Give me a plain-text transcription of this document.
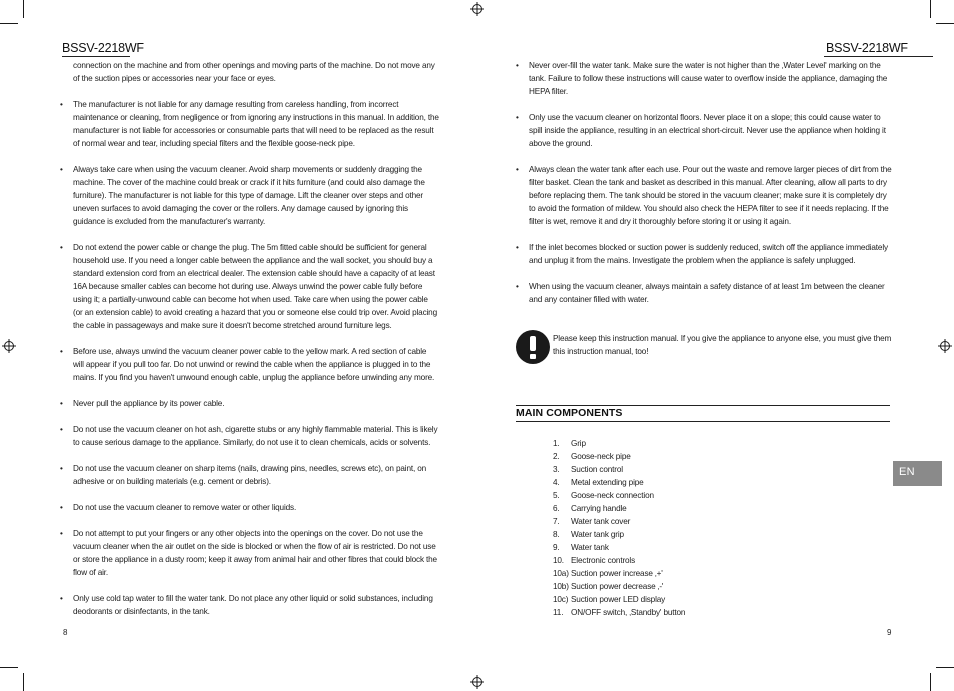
BSSV-2218WF
connection on the machine and from other openings and moving parts of the machine. Do not move any of the suction pipes or accessories near your face or eyes.
• The manufacturer is not liable for any damage resulting from careless handling, from incorrect maintenance or cleaning, from negligence or from ignoring any instructions in this manual. In addition, the manufacturer is not liable for accessories or consumable parts that will need to be replaced as the result of normal wear and tear, including special filters and the flexible goose-neck pipe.
• Always take care when using the vacuum cleaner. Avoid sharp movements or suddenly dragging the machine. The cover of the machine could break or crack if it hits furniture (and could also damage the furniture). The manufacturer is not liable for this type of damage. Lift the cleaner over steps and other uneven surfaces to avoid damaging the cover or the rollers. Any damage caused by ignoring this guidance is excluded from the manufacturer's warranty.
• Do not extend the power cable or change the plug. The 5m fitted cable should be sufficient for general household use. If you need a longer cable between the appliance and the wall socket, you should buy a standard extension cord from an electrical dealer. The extension cable should have a capacity of at least 16A because smaller cables can become hot during use. Always unwind the power cable fully before using it; a partially-unwound cable can become hot when used. Take care when using the power cable (or an extension cable) to avoid creating a hazard that you or someone else could trip over. Avoid placing the cable in passageways and make sure it doesn't become stretched around furniture legs.
• Before use, always unwind the vacuum cleaner power cable to the yellow mark. A red section of cable will appear if you pull too far. Do not unwind or rewind the cable when the appliance is plugged in to the mains. If you find you haven't unwound enough cable, unplug the appliance before unwinding any more.
• Never pull the appliance by its power cable.
• Do not use the vacuum cleaner on hot ash, cigarette stubs or any highly flammable material. This is likely to cause serious damage to the appliance. Similarly, do not use it to clean chemicals, acids or solvents.
• Do not use the vacuum cleaner on sharp items (nails, drawing pins, needles, screws etc), on paint, on adhesive or on building materials (e.g. cement or debris).
• Do not use the vacuum cleaner to remove water or other liquids.
• Do not attempt to put your fingers or any other objects into the openings on the cover. Do not use the vacuum cleaner when the air outlet on the side is blocked or when the flow of air is restricted. Do not use or store the appliance in a dusty room; keep it away from animal hair and other fibres that could block the flow of air.
• Only use cold tap water to fill the water tank. Do not place any other liquid or solid substances, including deodorants or disinfectants, in the tank.
8
BSSV-2218WF
• Never over-fill the water tank. Make sure the water is not higher than the ‚Water Level' marking on the tank. Failure to follow these instructions will cause water to overflow inside the appliance, damaging the HEPA filter.
• Only use the vacuum cleaner on horizontal floors. Never place it on a slope; this could cause water to spill inside the appliance, resulting in an electrical short-circuit. Never use the appliance when holding it above the ground.
• Always clean the water tank after each use. Pour out the waste and remove larger pieces of dirt from the filter basket. Clean the tank and basket as described in this manual. After cleaning, allow all parts to dry before replacing them. The tank should be stored in the vacuum cleaner; make sure it is completely dry to avoid the formation of mildew. You should also check the HEPA filter to see if it needs replacing. If the filter is wet, remove it and dry it thoroughly before storing it or using it again.
• If the inlet becomes blocked or suction power is suddenly reduced, switch off the appliance immediately and unplug it from the mains. Investigate the problem when the appliance is safely unplugged.
• When using the vacuum cleaner, always maintain a safety distance of at least 1m between the cleaner and any container filled with water.
Please keep this instruction manual. If you give the appliance to anyone else, you must give them this instruction manual, too!
MAIN COMPONENTS
1. Grip
2. Goose-neck pipe
3. Suction control
4. Metal extending pipe
5. Goose-neck connection
6. Carrying handle
7. Water tank cover
8. Water tank grip
9. Water tank
10. Electronic controls
10a) Suction power increase ‚+'
10b) Suction power decrease ‚-'
10c) Suction power LED display
11. ON/OFF switch, ‚Standby' button
EN
9
